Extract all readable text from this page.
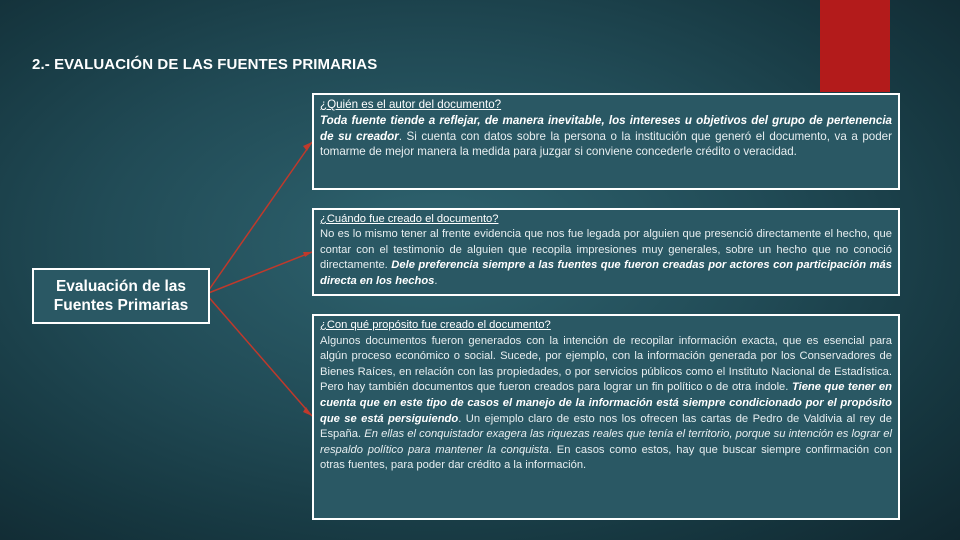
2.- EVALUACIÓN DE LAS FUENTES PRIMARIAS
Evaluación de las
Fuentes Primarias
¿Quién es el autor del documento?
Toda fuente tiende a reflejar, de manera inevitable, los intereses u objetivos del grupo de pertenencia de su creador. Si cuenta con datos sobre la persona o la institución que generó el documento, va a poder tomarme de mejor manera la medida para juzgar si conviene concederle crédito o veracidad.
¿Cuándo fue creado el documento?
No es lo mismo tener al frente evidencia que nos fue legada por alguien que presenció directamente el hecho, que contar con el testimonio de alguien que recopila impresiones muy generales, sobre un hecho que no conoció directamente. Dele preferencia siempre a las fuentes que fueron creadas por actores con participación más directa en los hechos.
¿Con qué propósito fue creado el documento?
Algunos documentos fueron generados con la intención de recopilar información exacta, que es esencial para algún proceso económico o social. Sucede, por ejemplo, con la información generada por los Conservadores de Bienes Raíces, en relación con las propiedades, o por servicios públicos como el Instituto Nacional de Estadística. Pero hay también documentos que fueron creados para lograr un fin político o de otra índole. Tiene que tener en cuenta que en este tipo de casos el manejo de la información está siempre condicionado por el propósito que se está persiguiendo. Un ejemplo claro de esto nos los ofrecen las cartas de Pedro de Valdivia al rey de España. En ellas el conquistador exagera las riquezas reales que tenía el territorio, porque su intención es lograr el respaldo político para mantener la conquista. En casos como estos, hay que buscar siempre confirmación con otras fuentes, para poder dar crédito a la información.
